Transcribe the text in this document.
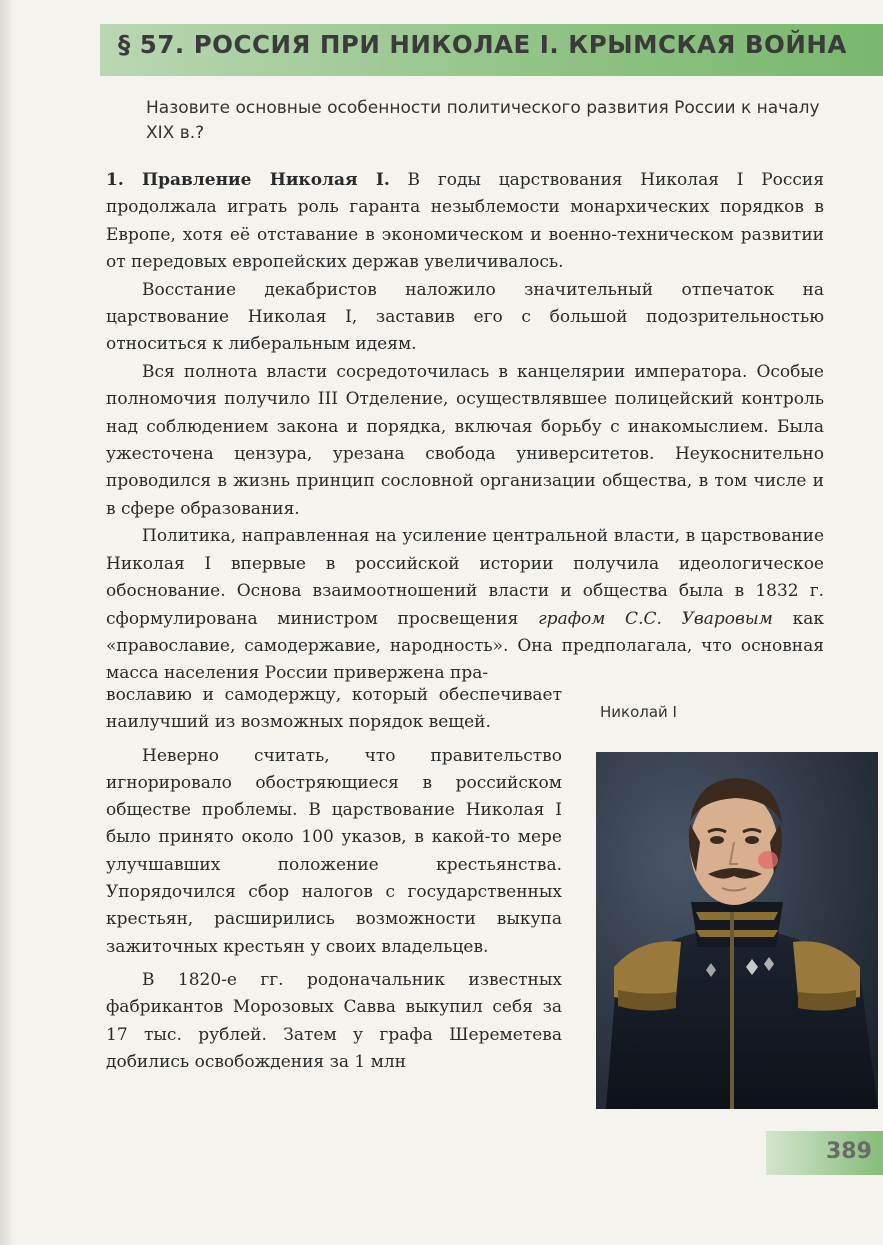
§ 57. РОССИЯ ПРИ НИКОЛАЕ I. КРЫМСКАЯ ВОЙНА
Назовите основные особенности политического развития России к началу XIX в.?

1. Правление Николая I. В годы царствования Николая I Россия продолжала играть роль гаранта незыблемости монархических порядков в Европе, хотя её отставание в экономическом и военно-техническом развитии от передовых европейских держав увеличивалось.

Восстание декабристов наложило значительный отпечаток на царствование Николая I, заставив его с большой подозрительностью относиться к либеральным идеям.

Вся полнота власти сосредоточилась в канцелярии императора. Особые полномочия получило III Отделение, осуществлявшее полицейский контроль над соблюдением закона и порядка, включая борьбу с инакомыслием. Была ужесточена цензура, урезана свобода университетов. Неукоснительно проводился в жизнь принцип сословной организации общества, в том числе и в сфере образования.

Политика, направленная на усиление центральной власти, в царствование Николая I впервые в российской истории получила идеологическое обоснование. Основа взаимоотношений власти и общества была в 1832 г. сформулирована министром просвещения графом С.С. Уваровым как «православие, самодержавие, народность». Она предполагала, что основная масса населения России привержена пра-

вославию и самодержцу, который обеспечивает наилучший из возможных порядок вещей.

Неверно считать, что правительство игнорировало обостряющиеся в российском обществе проблемы. В царствование Николая I было принято около 100 указов, в какой-то мере улучшавших положение крестьянства. Упорядочился сбор налогов с государственных крестьян, расширились возможности выкупа зажиточных крестьян у своих владельцев.

В 1820-е гг. родоначальник известных фабрикантов Морозовых Савва выкупил себя за 17 тыс. рублей. Затем у графа Шереметева добились освобождения за 1 млн

Николай I
389
